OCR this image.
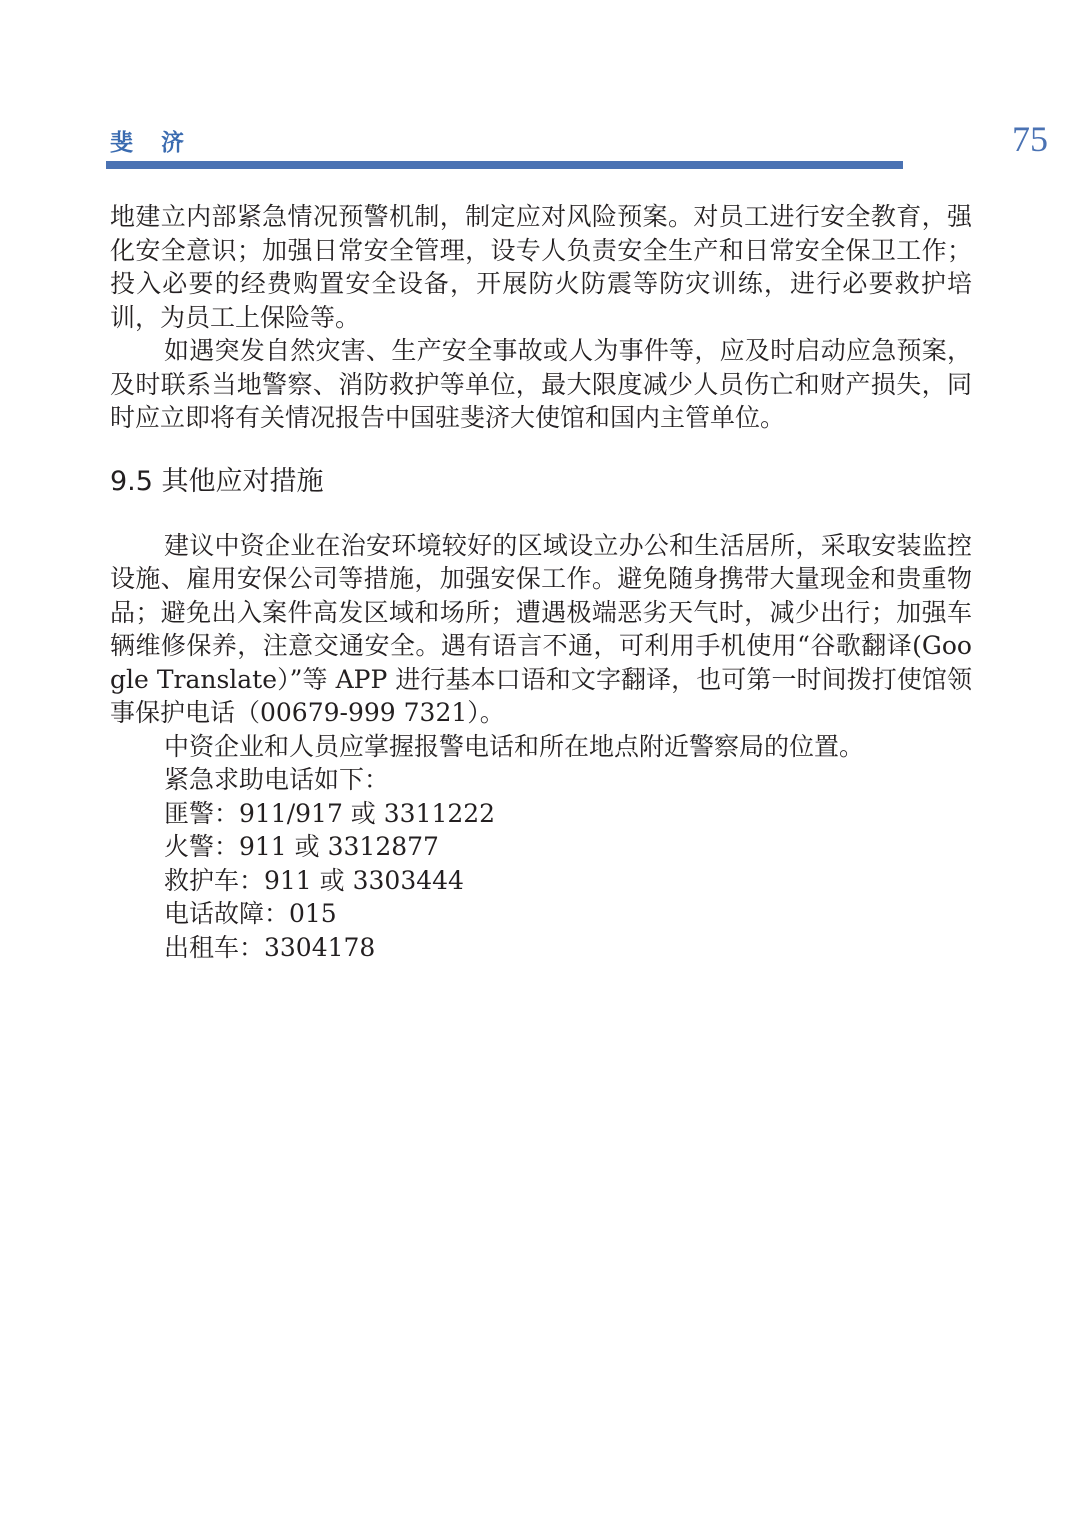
斐 济	75

地建立内部紧急情况预警机制，制定应对风险预案。对员工进行安全教育，强化安全意识；加强日常安全管理，设专人负责安全生产和日常安全保卫工作；投入必要的经费购置安全设备，开展防火防震等防灾训练，进行必要救护培训，为员工上保险等。

如遇突发自然灾害、生产安全事故或人为事件等，应及时启动应急预案，及时联系当地警察、消防救护等单位，最大限度减少人员伤亡和财产损失，同时应立即将有关情况报告中国驻斐济大使馆和国内主管单位。

9.5 其他应对措施

建议中资企业在治安环境较好的区域设立办公和生活居所，采取安装监控设施、雇用安保公司等措施，加强安保工作。避免随身携带大量现金和贵重物品；避免出入案件高发区域和场所；遭遇极端恶劣天气时，减少出行；加强车辆维修保养，注意交通安全。遇有语言不通，可利用手机使用“谷歌翻译(Google Translate）”等 APP 进行基本口语和文字翻译，也可第一时间拨打使馆领事保护电话（00679-999 7321）。

中资企业和人员应掌握报警电话和所在地点附近警察局的位置。

紧急求助电话如下：

匪警：911/917 或 3311222

火警：911 或 3312877

救护车：911 或 3303444

电话故障：015

出租车：3304178
